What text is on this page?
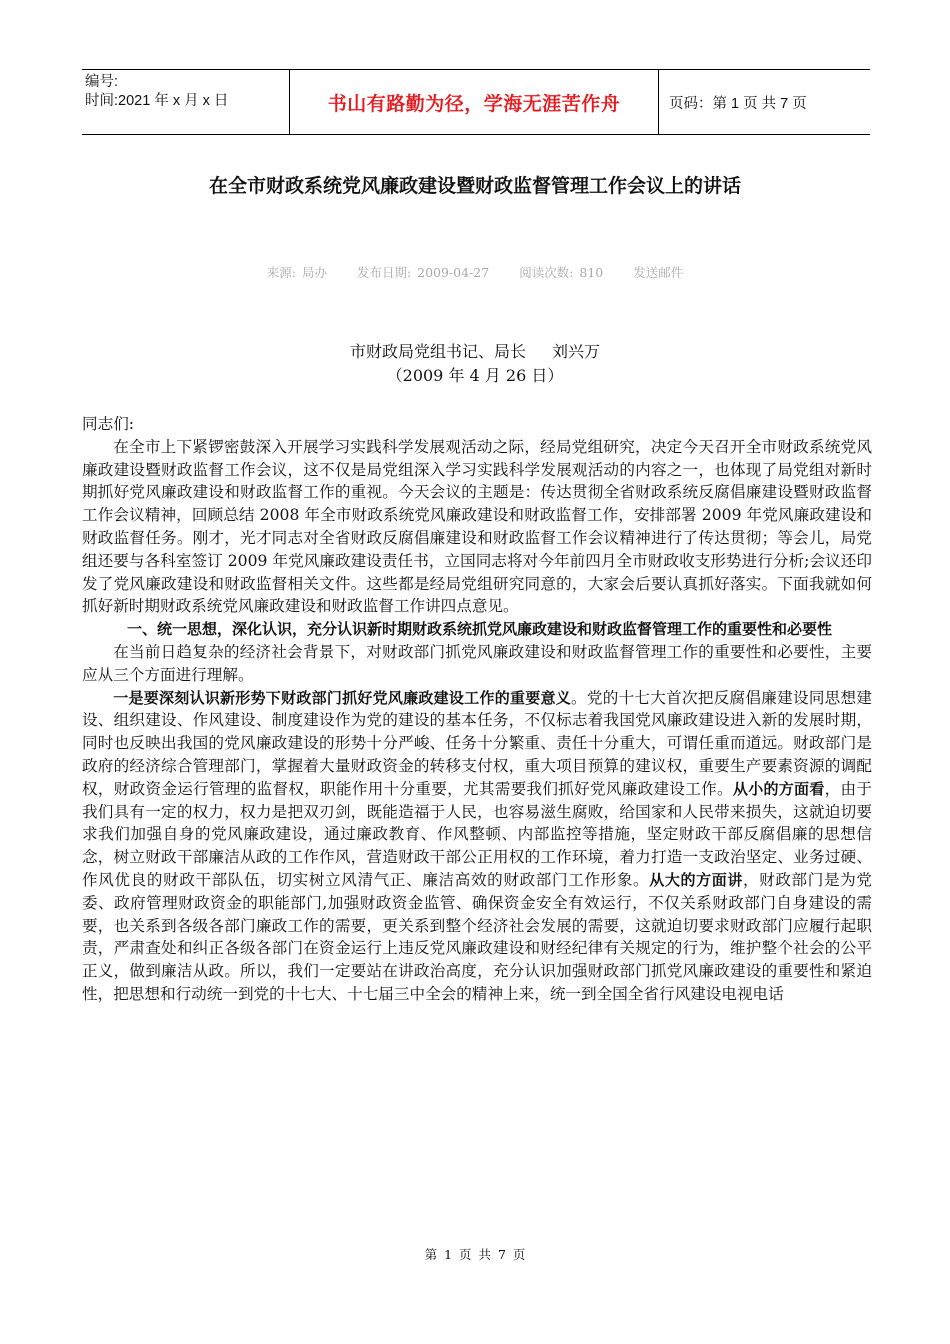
编号:
时间:2021 年 x 月 x 日	书山有路勤为径，学海无涯苦作舟	页码：第 1 页 共 7 页
在全市财政系统党风廉政建设暨财政监督管理工作会议上的讲话
来源: 局办 发布日期: 2009-04-27 阅读次数: 810 发送邮件
市财政局党组书记、局长 刘兴万
（2009 年 4 月 26 日）

同志们:

在全市上下紧锣密鼓深入开展学习实践科学发展观活动之际，经局党组研究，决定今天召开全市财政系统党风廉政建设暨财政监督工作会议，这不仅是局党组深入学习实践科学发展观活动的内容之一，也体现了局党组对新时期抓好党风廉政建设和财政监督工作的重视。今天会议的主题是：传达贯彻全省财政系统反腐倡廉建设暨财政监督工作会议精神，回顾总结 2008 年全市财政系统党风廉政建设和财政监督工作，安排部署 2009 年党风廉政建设和财政监督任务。刚才，光才同志对全省财政反腐倡廉建设和财政监督工作会议精神进行了传达贯彻；等会儿，局党组还要与各科室签订 2009 年党风廉政建设责任书，立国同志将对今年前四月全市财政收支形势进行分析;会议还印发了党风廉政建设和财政监督相关文件。这些都是经局党组研究同意的，大家会后要认真抓好落实。下面我就如何抓好新时期财政系统党风廉政建设和财政监督工作讲四点意见。

一、统一思想，深化认识，充分认识新时期财政系统抓党风廉政建设和财政监督管理工作的重要性和必要性

在当前日趋复杂的经济社会背景下，对财政部门抓党风廉政建设和财政监督管理工作的重要性和必要性，主要应从三个方面进行理解。

一是要深刻认识新形势下财政部门抓好党风廉政建设工作的重要意义。党的十七大首次把反腐倡廉建设同思想建设、组织建设、作风建设、制度建设作为党的建设的基本任务，不仅标志着我国党风廉政建设进入新的发展时期，同时也反映出我国的党风廉政建设的形势十分严峻、任务十分繁重、责任十分重大，可谓任重而道远。财政部门是政府的经济综合管理部门，掌握着大量财政资金的转移支付权，重大项目预算的建议权，重要生产要素资源的调配权，财政资金运行管理的监督权，职能作用十分重要，尤其需要我们抓好党风廉政建设工作。从小的方面看，由于我们具有一定的权力，权力是把双刃剑，既能造福于人民，也容易滋生腐败，给国家和人民带来损失，这就迫切要求我们加强自身的党风廉政建设，通过廉政教育、作风整顿、内部监控等措施，坚定财政干部反腐倡廉的思想信念，树立财政干部廉洁从政的工作作风，营造财政干部公正用权的工作环境，着力打造一支政治坚定、业务过硬、作风优良的财政干部队伍，切实树立风清气正、廉洁高效的财政部门工作形象。从大的方面讲，财政部门是为党委、政府管理财政资金的职能部门,加强财政资金监管、确保资金安全有效运行，不仅关系财政部门自身建设的需要，也关系到各级各部门廉政工作的需要，更关系到整个经济社会发展的需要，这就迫切要求财政部门应履行起职责，严肃查处和纠正各级各部门在资金运行上违反党风廉政建设和财经纪律有关规定的行为，维护整个社会的公平正义，做到廉洁从政。所以，我们一定要站在讲政治高度，充分认识加强财政部门抓党风廉政建设的重要性和紧迫性，把思想和行动统一到党的十七大、十七届三中全会的精神上来，统一到全国全省行风建设电视电话

第 1 页 共 7 页
